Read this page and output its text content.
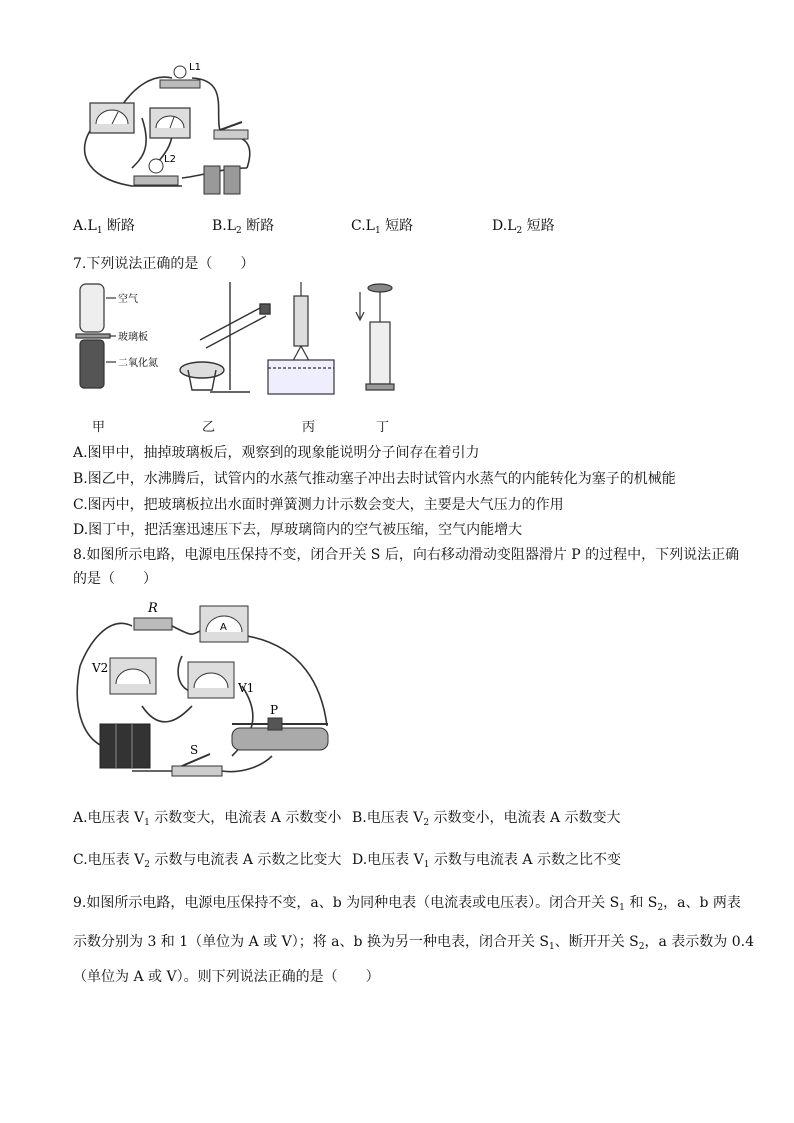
L1
L2
$A.L_1$ 断路	$B.L_2$ 断路	$C.L_1$ 短路	$D.L_2$ 短路
7.下列说法正确的是（　　）
空气
玻璃板
二氧化氮
甲	乙	丙	丁
A.图甲中，抽掉玻璃板后，观察到的现象能说明分子间存在着引力
B.图乙中，水沸腾后，试管内的水蒸气推动塞子冲出去时试管内水蒸气的内能转化为塞子的机械能
C.图丙中，把玻璃板拉出水面时弹簧测力计示数会变大，主要是大气压力的作用
D.图丁中，把活塞迅速压下去，厚玻璃筒内的空气被压缩，空气内能增大
8.如图所示电路，电源电压保持不变，闭合开关 S 后，向右移动滑动变阻器滑片 P 的过程中，下列说法正确
的是（　　）
R
A
V2
V1
S
P
A.电压表 $V_1$ 示数变大，电流表 A 示数变小 B.电压表 $V_2$ 示数变小，电流表 A 示数变大
C.电压表 $V_2$ 示数与电流表 A 示数之比变大 D.电压表 $V_1$ 示数与电流表 A 示数之比不变
9.如图所示电路，电源电压保持不变，a、b 为同种电表（电流表或电压表）。闭合开关 $S_1$ 和 $S_2$，a、b 两表
示数分别为 3 和 1（单位为 A 或 V）；将 a、b 换为另一种电表，闭合开关 $S_1$、断开开关 $S_2$，a 表示数为 0.4
（单位为 A 或 V）。则下列说法正确的是（　　）
